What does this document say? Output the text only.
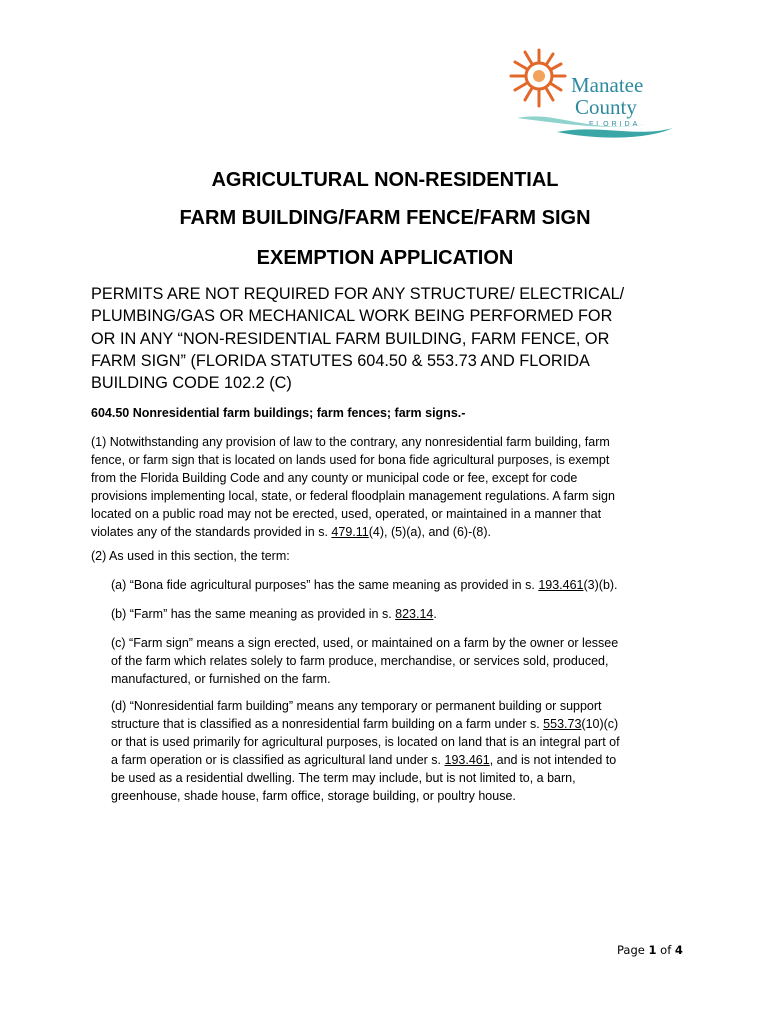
Manatee
County
FLORIDA
AGRICULTURAL NON-RESIDENTIAL
FARM BUILDING/FARM FENCE/FARM SIGN
EXEMPTION APPLICATION
PERMITS ARE NOT REQUIRED FOR ANY STRUCTURE/ ELECTRICAL/
PLUMBING/GAS OR MECHANICAL WORK BEING PERFORMED FOR
OR IN ANY “NON-RESIDENTIAL FARM BUILDING, FARM FENCE, OR
FARM SIGN” (FLORIDA STATUTES 604.50 & 553.73 AND FLORIDA
BUILDING CODE 102.2 (C)
604.50 Nonresidential farm buildings; farm fences; farm signs.-
(1) Notwithstanding any provision of law to the contrary, any nonresidential farm building, farm
fence, or farm sign that is located on lands used for bona fide agricultural purposes, is exempt
from the Florida Building Code and any county or municipal code or fee, except for code
provisions implementing local, state, or federal floodplain management regulations. A farm sign
located on a public road may not be erected, used, operated, or maintained in a manner that
violates any of the standards provided in s. 479.11(4), (5)(a), and (6)-(8).
(2) As used in this section, the term:
(a) “Bona fide agricultural purposes” has the same meaning as provided in s. 193.461(3)(b).
(b) “Farm” has the same meaning as provided in s. 823.14.
(c) “Farm sign” means a sign erected, used, or maintained on a farm by the owner or lessee
of the farm which relates solely to farm produce, merchandise, or services sold, produced,
manufactured, or furnished on the farm.
(d) “Nonresidential farm building” means any temporary or permanent building or support
structure that is classified as a nonresidential farm building on a farm under s. 553.73(10)(c)
or that is used primarily for agricultural purposes, is located on land that is an integral part of
a farm operation or is classified as agricultural land under s. 193.461, and is not intended to
be used as a residential dwelling. The term may include, but is not limited to, a barn,
greenhouse, shade house, farm office, storage building, or poultry house.
Page 1 of 4
